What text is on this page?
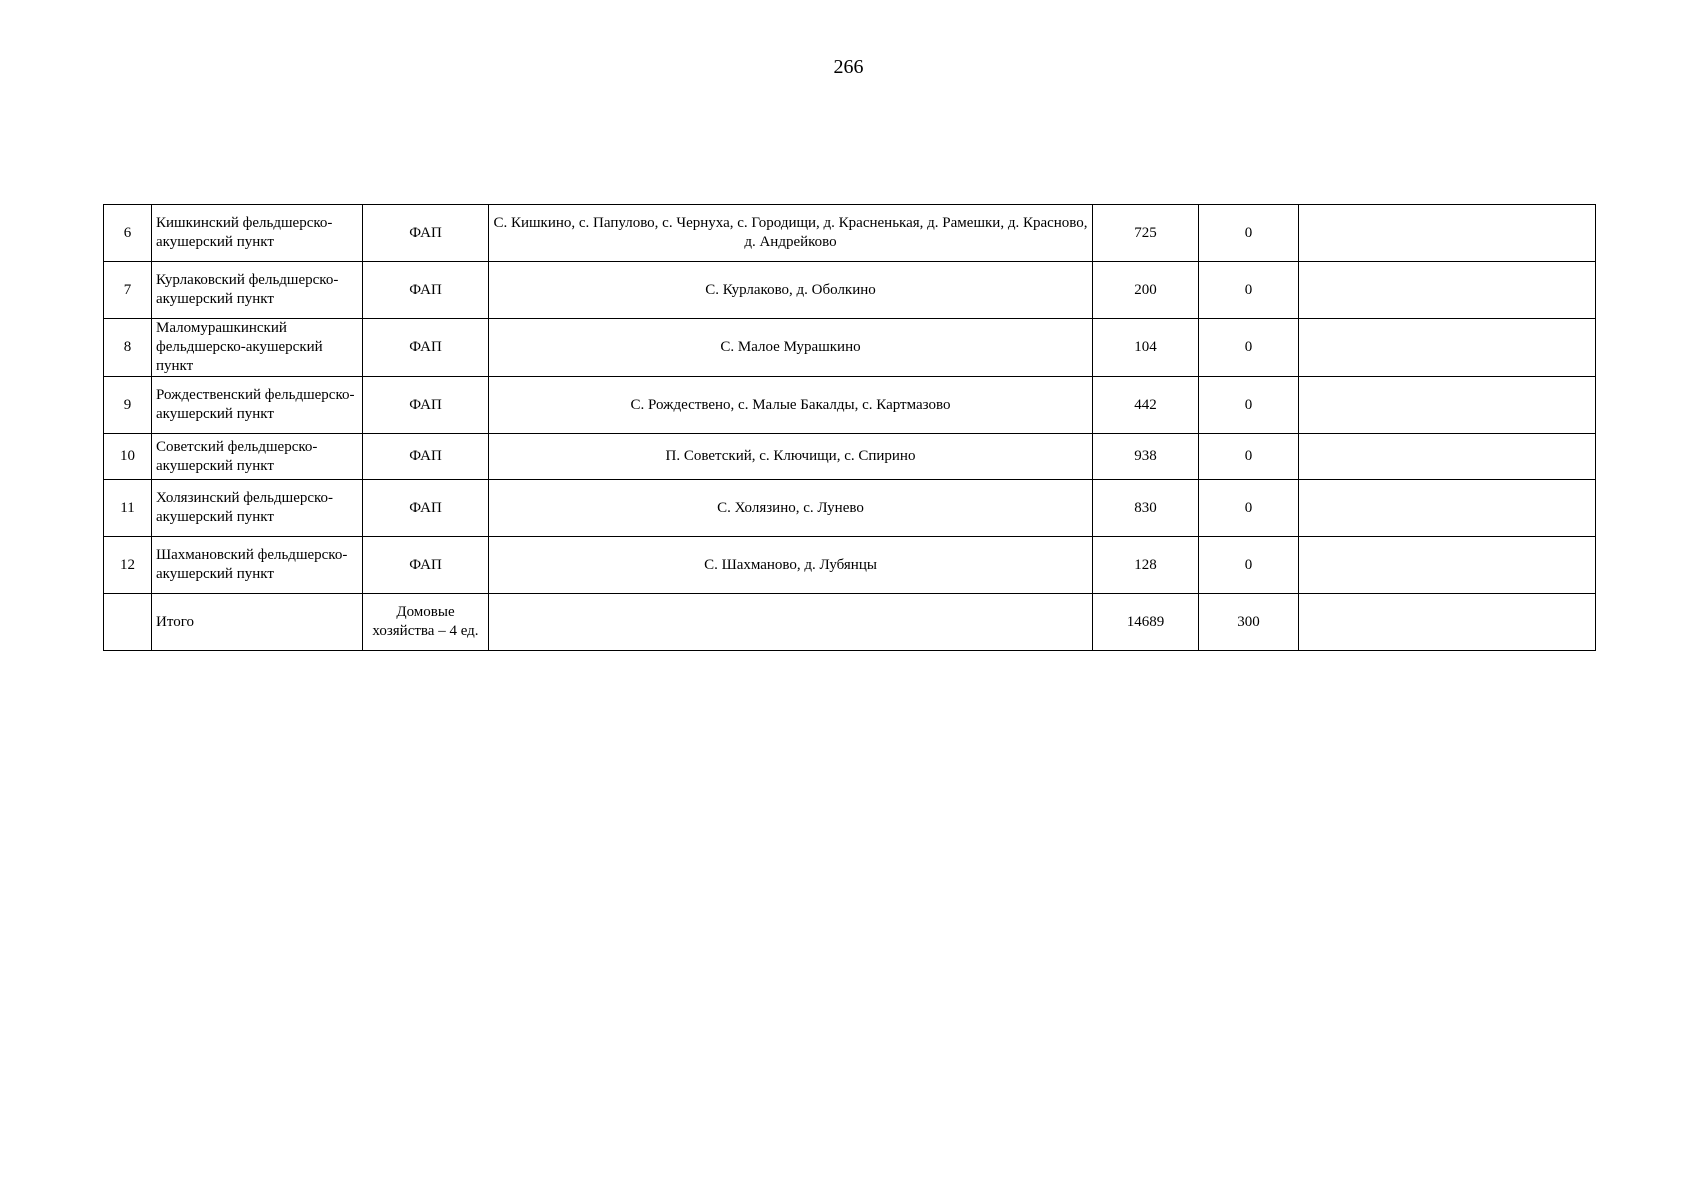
266
6	Кишкинский фельдшерско-акушерский пункт	ФАП	С. Кишкино, с. Папулово, с. Чернуха, с. Городищи, д. Красненькая, д. Рамешки, д. Красново, д. Андрейково	725	0	
7	Курлаковский фельдшерско-акушерский пункт	ФАП	С. Курлаково, д. Оболкино	200	0	
8	Маломурашкинский фельдшерско-акушерский пункт	ФАП	С. Малое Мурашкино	104	0	
9	Рождественский фельдшерско-акушерский пункт	ФАП	С. Рождествено, с. Малые Бакалды, с. Картмазово	442	0	
10	Советский фельдшерско-акушерский пункт	ФАП	П. Советский, с. Ключищи, с. Спирино	938	0	
11	Холязинский фельдшерско-акушерский пункт	ФАП	С. Холязино, с. Лунево	830	0	
12	Шахмановский фельдшерско-акушерский пункт	ФАП	С. Шахманово, д. Лубянцы	128	0	
	Итого	Домовые хозяйства – 4 ед.		14689	300	
